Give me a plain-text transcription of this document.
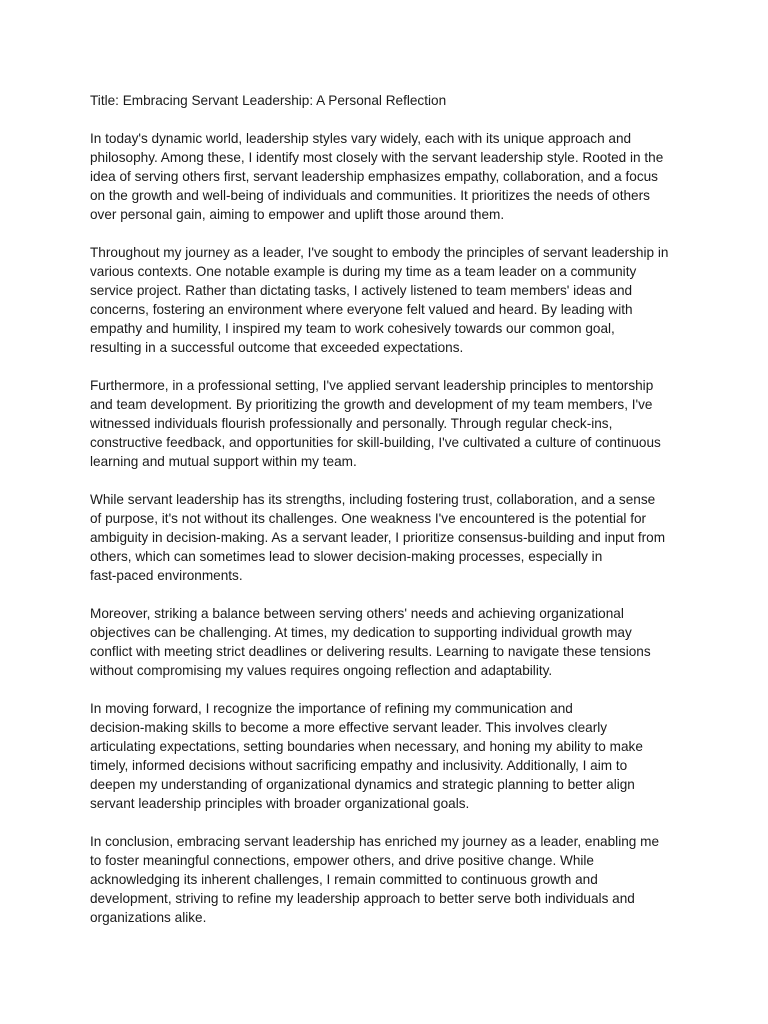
Title: Embracing Servant Leadership: A Personal Reflection

In today's dynamic world, leadership styles vary widely, each with its unique approach and
philosophy. Among these, I identify most closely with the servant leadership style. Rooted in the
idea of serving others first, servant leadership emphasizes empathy, collaboration, and a focus
on the growth and well-being of individuals and communities. It prioritizes the needs of others
over personal gain, aiming to empower and uplift those around them.

Throughout my journey as a leader, I've sought to embody the principles of servant leadership in
various contexts. One notable example is during my time as a team leader on a community
service project. Rather than dictating tasks, I actively listened to team members' ideas and
concerns, fostering an environment where everyone felt valued and heard. By leading with
empathy and humility, I inspired my team to work cohesively towards our common goal,
resulting in a successful outcome that exceeded expectations.

Furthermore, in a professional setting, I've applied servant leadership principles to mentorship
and team development. By prioritizing the growth and development of my team members, I've
witnessed individuals flourish professionally and personally. Through regular check-ins,
constructive feedback, and opportunities for skill-building, I've cultivated a culture of continuous
learning and mutual support within my team.

While servant leadership has its strengths, including fostering trust, collaboration, and a sense
of purpose, it's not without its challenges. One weakness I've encountered is the potential for
ambiguity in decision-making. As a servant leader, I prioritize consensus-building and input from
others, which can sometimes lead to slower decision-making processes, especially in
fast-paced environments.

Moreover, striking a balance between serving others' needs and achieving organizational
objectives can be challenging. At times, my dedication to supporting individual growth may
conflict with meeting strict deadlines or delivering results. Learning to navigate these tensions
without compromising my values requires ongoing reflection and adaptability.

In moving forward, I recognize the importance of refining my communication and
decision-making skills to become a more effective servant leader. This involves clearly
articulating expectations, setting boundaries when necessary, and honing my ability to make
timely, informed decisions without sacrificing empathy and inclusivity. Additionally, I aim to
deepen my understanding of organizational dynamics and strategic planning to better align
servant leadership principles with broader organizational goals.

In conclusion, embracing servant leadership has enriched my journey as a leader, enabling me
to foster meaningful connections, empower others, and drive positive change. While
acknowledging its inherent challenges, I remain committed to continuous growth and
development, striving to refine my leadership approach to better serve both individuals and
organizations alike.
